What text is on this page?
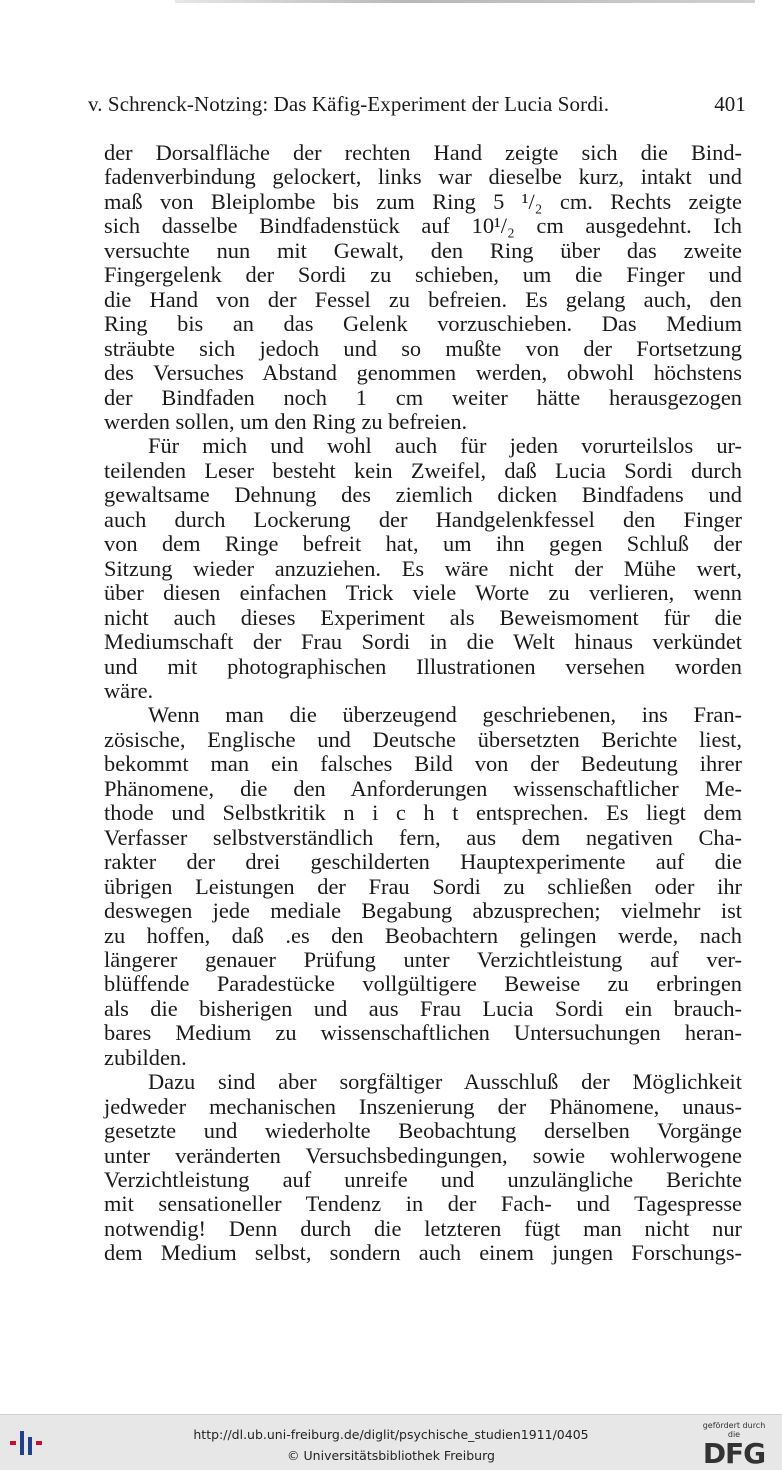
v. Schrenck-Notzing: Das Käfig-Experiment der Lucia Sordi.	401

der Dorsalfläche der rechten Hand zeigte sich die Bind-
fadenverbindung gelockert, links war dieselbe kurz, intakt und
maß von Bleiplombe bis zum Ring 5 ¹/₂ cm. Rechts zeigte
sich dasselbe Bindfadenstück auf 10¹/₂ cm ausgedehnt. Ich
versuchte nun mit Gewalt, den Ring über das zweite
Fingergelenk der Sordi zu schieben, um die Finger und
die Hand von der Fessel zu befreien. Es gelang auch, den
Ring bis an das Gelenk vorzuschieben. Das Medium
sträubte sich jedoch und so mußte von der Fortsetzung
des Versuches Abstand genommen werden, obwohl höchstens
der Bindfaden noch 1 cm weiter hätte herausgezogen
werden sollen, um den Ring zu befreien.

Für mich und wohl auch für jeden vorurteilslos ur-
teilenden Leser besteht kein Zweifel, daß Lucia Sordi durch
gewaltsame Dehnung des ziemlich dicken Bindfadens und
auch durch Lockerung der Handgelenkfessel den Finger
von dem Ringe befreit hat, um ihn gegen Schluß der
Sitzung wieder anzuziehen. Es wäre nicht der Mühe wert,
über diesen einfachen Trick viele Worte zu verlieren, wenn
nicht auch dieses Experiment als Beweismoment für die
Mediumschaft der Frau Sordi in die Welt hinaus verkündet
und mit photographischen Illustrationen versehen worden
wäre.

Wenn man die überzeugend geschriebenen, ins Fran-
zösische, Englische und Deutsche übersetzten Berichte liest,
bekommt man ein falsches Bild von der Bedeutung ihrer
Phänomene, die den Anforderungen wissenschaftlicher Me-
thode und Selbstkritik n i c h t entsprechen. Es liegt dem
Verfasser selbstverständlich fern, aus dem negativen Cha-
rakter der drei geschilderten Hauptexperimente auf die
übrigen Leistungen der Frau Sordi zu schließen oder ihr
deswegen jede mediale Begabung abzusprechen; vielmehr ist
zu hoffen, daß .es den Beobachtern gelingen werde, nach
längerer genauer Prüfung unter Verzichtleistung auf ver-
blüffende Paradestücke vollgültigere Beweise zu erbringen
als die bisherigen und aus Frau Lucia Sordi ein brauch-
bares Medium zu wissenschaftlichen Untersuchungen heran-
zubilden.

Dazu sind aber sorgfältiger Ausschluß der Möglichkeit
jedweder mechanischen Inszenierung der Phänomene, unaus-
gesetzte und wiederholte Beobachtung derselben Vorgänge
unter veränderten Versuchsbedingungen, sowie wohlerwogene
Verzichtleistung auf unreife und unzulängliche Berichte
mit sensationeller Tendenz in der Fach- und Tagespresse
notwendig! Denn durch die letzteren fügt man nicht nur
dem Medium selbst, sondern auch einem jungen Forschungs-

http://dl.ub.uni-freiburg.de/diglit/psychische_studien1911/0405
© Universitätsbibliothek Freiburg
gefördert durch die
DFG
